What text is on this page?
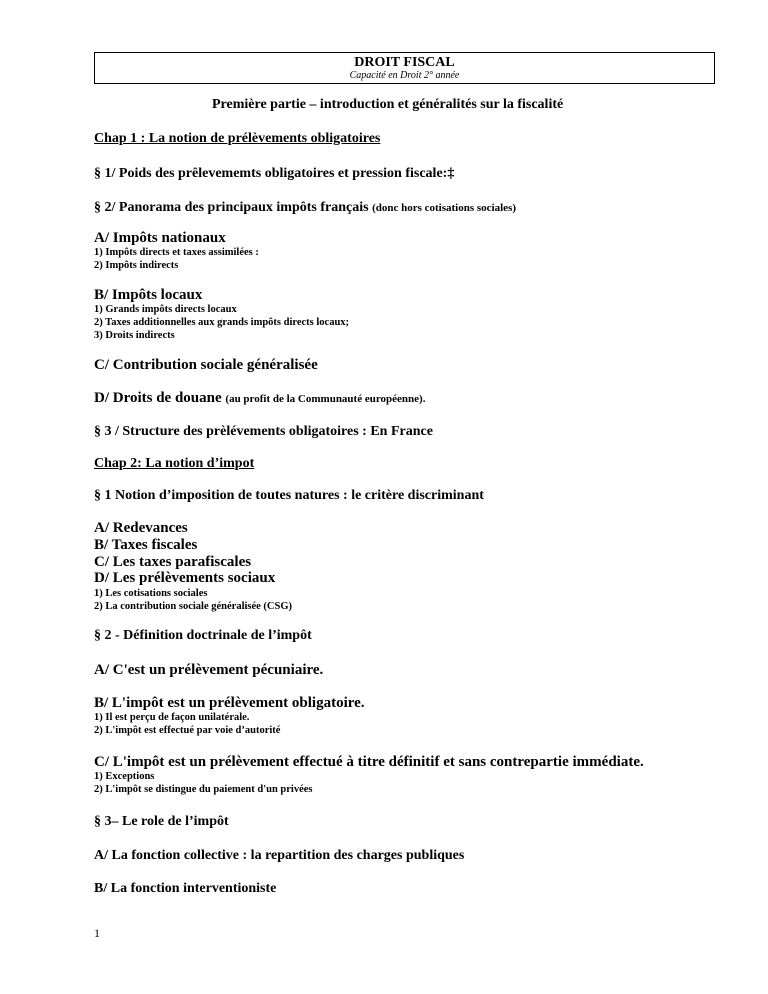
DROIT FISCAL
Capacité en Droit 2° année
Première partie – introduction et généralités sur la fiscalité
Chap 1 : La notion de prélèvements obligatoires
§ 1/ Poids des prêlevememts obligatoires et pression fiscale:‡
§ 2/ Panorama des principaux impôts français (donc hors cotisations sociales)
A/ Impôts nationaux
1) Impôts directs et taxes assimilées :
2) Impôts indirects
B/ Impôts locaux
1) Grands impôts directs locaux
2) Taxes additionnelles aux grands impôts directs locaux;
3) Droits indirects
C/ Contribution sociale généralisée
D/ Droits de douane (au profit de la Communauté européenne).
§ 3 / Structure des prèlévements obligatoires : En France
Chap 2: La notion d’impot
§ 1 Notion d’imposition de toutes natures : le critère discriminant
A/ Redevances
B/ Taxes fiscales
C/ Les taxes parafiscales
D/ Les prélèvements sociaux
1) Les cotisations sociales
2) La contribution sociale généralisée (CSG)
§ 2 - Définition doctrinale de l’impôt
A/ C'est un prélèvement pécuniaire.
B/ L'impôt est un prélèvement obligatoire.
1) Il est perçu de façon unilatérale.
2) L'impôt est effectué par voie d’autorité
C/ L'impôt est un prélèvement effectué à titre définitif et sans contrepartie immédiate.
1) Exceptions
2) L'impôt se distingue du paiement d'un privées
§ 3– Le role de l’impôt
A/ La fonction collective : la repartition des charges publiques
B/ La fonction interventioniste
1
